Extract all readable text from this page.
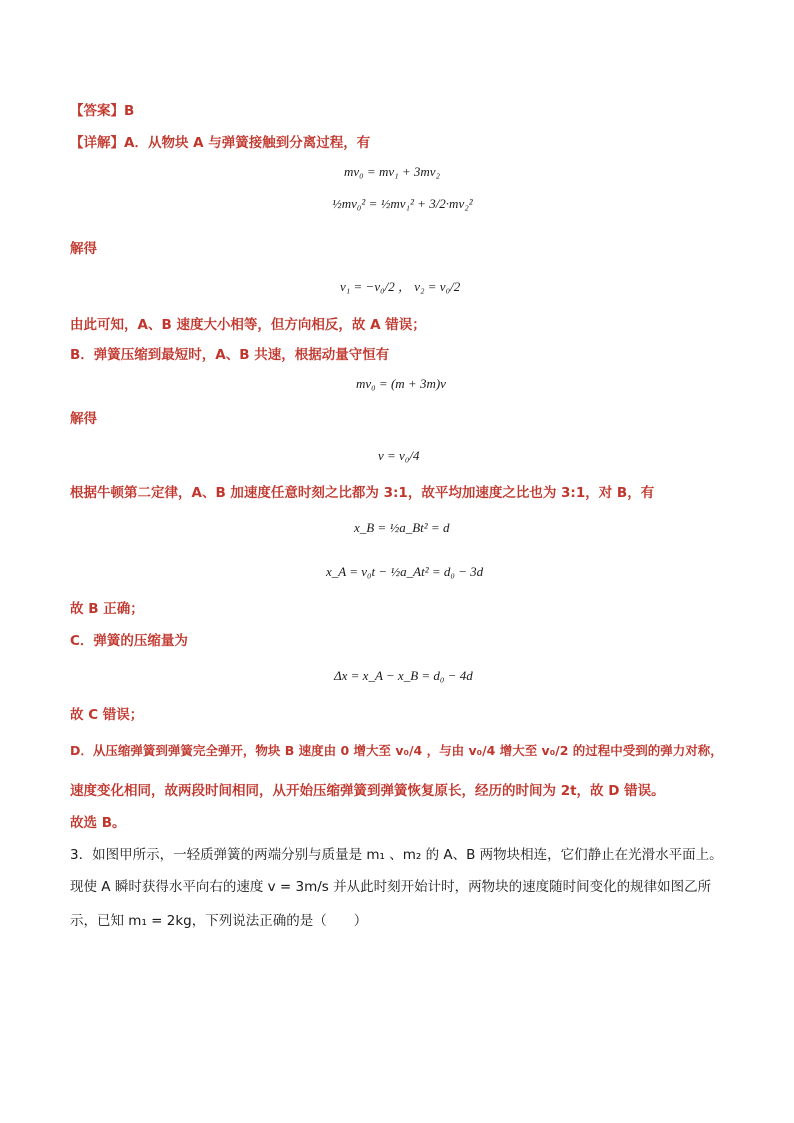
【答案】B
【详解】A．从物块 A 与弹簧接触到分离过程，有
mv₀ = mv₁ + 3mv₂
½mv₀² = ½mv₁² + 3/2·mv₂²
解得
v₁ = −v₀/2 ， v₂ = v₀/2
由此可知，A、B 速度大小相等，但方向相反，故 A 错误；
B．弹簧压缩到最短时，A、B 共速，根据动量守恒有
mv₀ = (m + 3m)v
解得
v = v₀/4
根据牛顿第二定律，A、B 加速度任意时刻之比都为 3:1，故平均加速度之比也为 3:1，对 B，有
x_B = ½a_Bt² = d
x_A = v₀t − ½a_At² = d₀ − 3d
故 B 正确；
C．弹簧的压缩量为
Δx = x_A − x_B = d₀ − 4d
故 C 错误；
D．从压缩弹簧到弹簧完全弹开，物块 B 速度由 0 增大至 v₀/4 ，与由 v₀/4 增大至 v₀/2 的过程中受到的弹力对称，
速度变化相同，故两段时间相同，从开始压缩弹簧到弹簧恢复原长，经历的时间为 2t，故 D 错误。
故选 B。
3．如图甲所示，一轻质弹簧的两端分别与质量是 m₁ 、m₂ 的 A、B 两物块相连，它们静止在光滑水平面上。
现使 A 瞬时获得水平向右的速度 v = 3m/s 并从此时刻开始计时，两物块的速度随时间变化的规律如图乙所
示，已知 m₁ = 2kg，下列说法正确的是（　　）
